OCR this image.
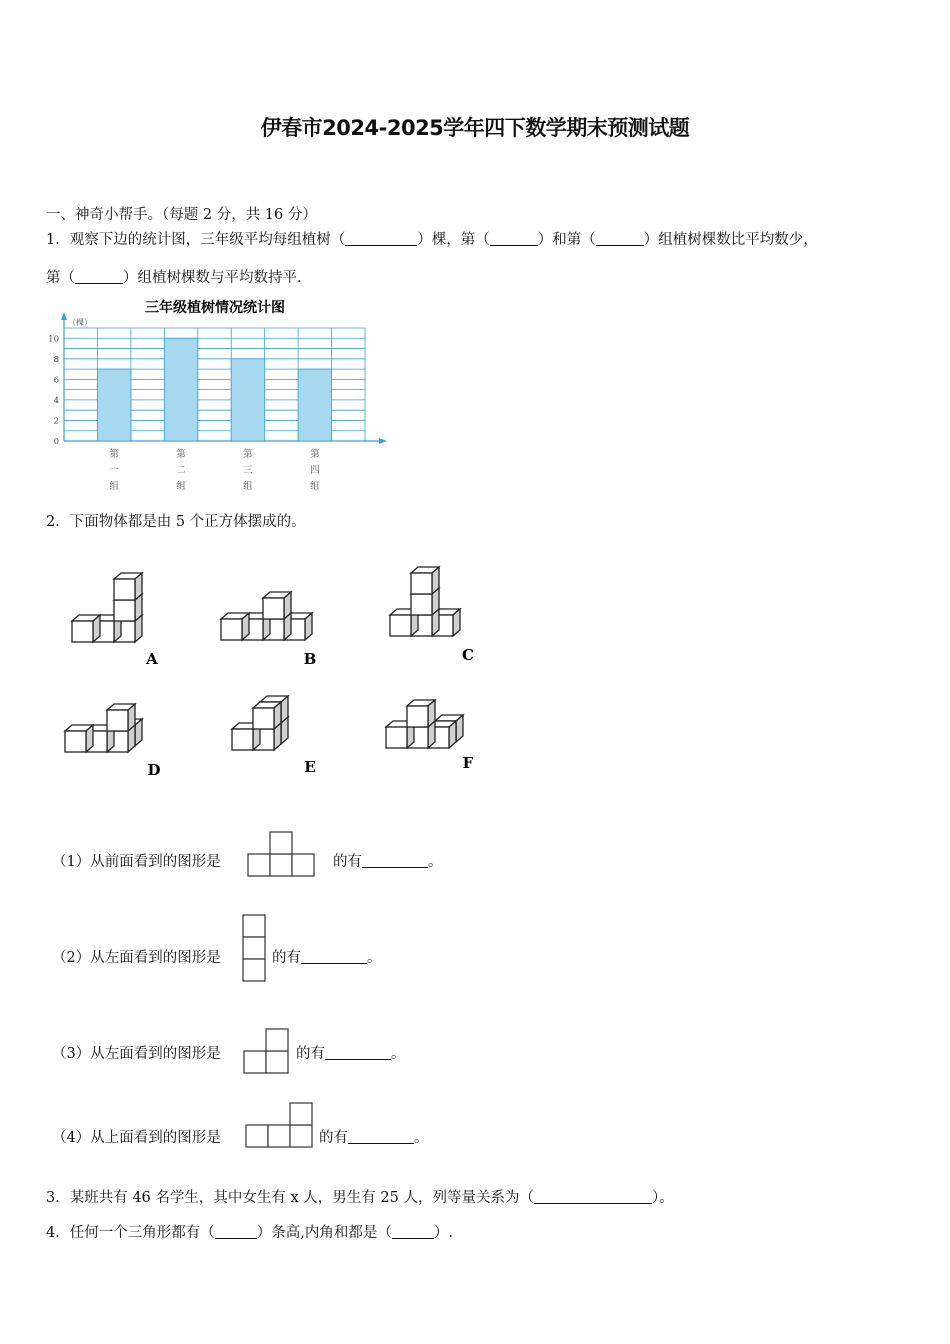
伊春市2024-2025学年四下数学期末预测试题
一、神奇小帮手。（每题 2 分，共 16 分）
1．观察下边的统计图，三年级平均每组植树（	）棵，第（	）和第（	）组植树棵数比平均数少，
第（	）组植树棵数与平均数持平．
三年级植树情况统计图
（棵）
0
2
4
6
8
10
第
一
组
第
二
组
第
三
组
第
四
组
2．下面物体都是由 5 个正方体摆成的。
A	B	C
D	E	F
（1）从前面看到的图形是	的有	。
（2）从左面看到的图形是	的有	。
（3）从左面看到的图形是	的有	。
（4）从上面看到的图形是	的有	。
3．某班共有 46 名学生，其中女生有 x 人，男生有 25 人，列等量关系为（	）。
4．任何一个三角形都有（	）条高,内角和都是（	）.
